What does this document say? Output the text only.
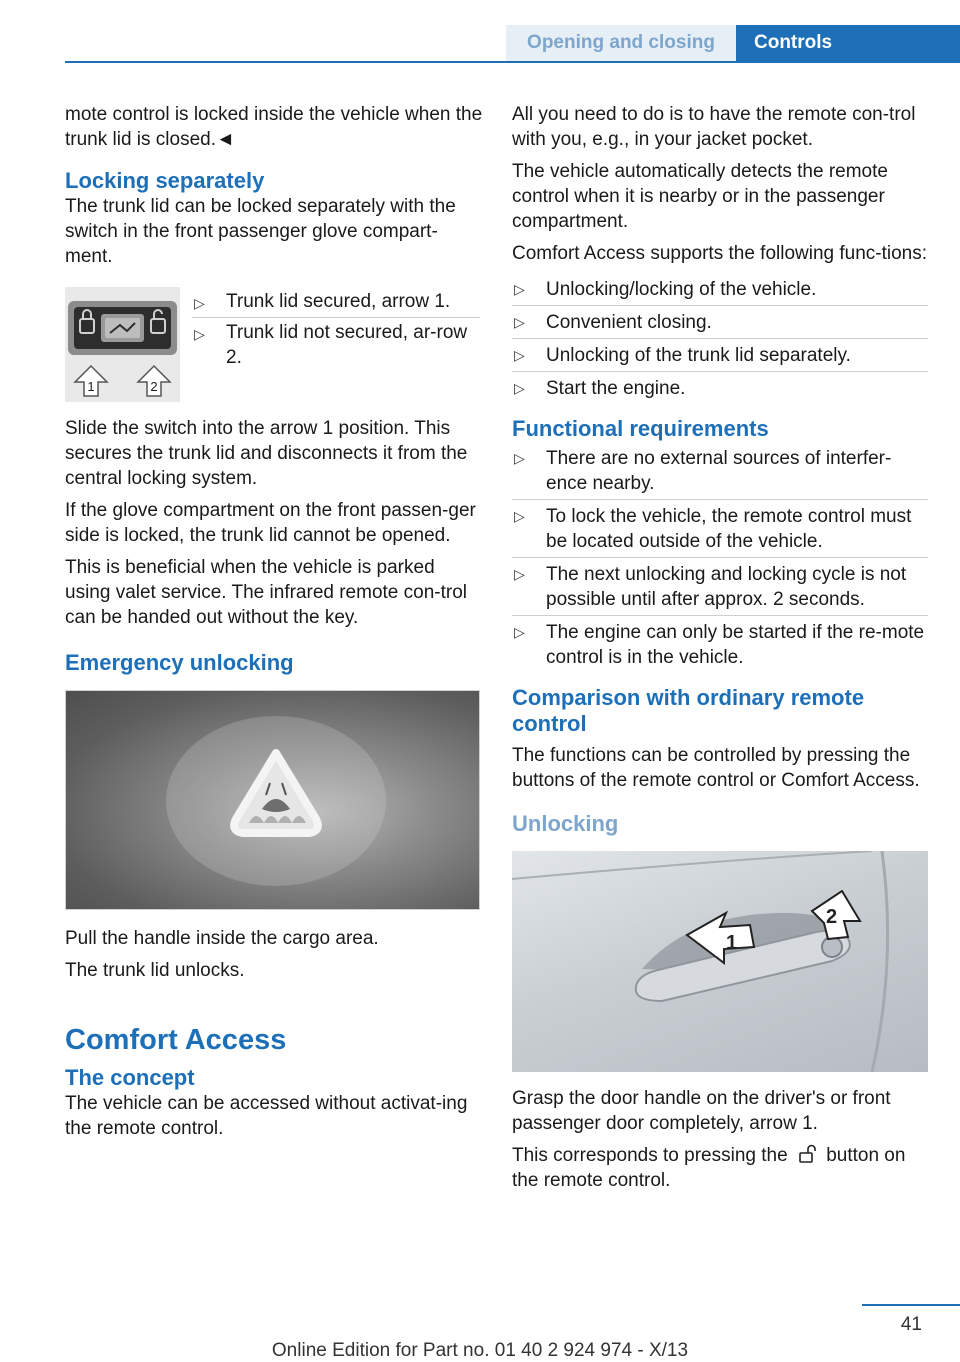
Opening and closing	Controls

mote control is locked inside the vehicle when the trunk lid is closed.◄

Locking separately

The trunk lid can be locked separately with the switch in the front passenger glove compart-ment.

1	2
▷ Trunk lid secured, arrow 1.
▷ Trunk lid not secured, ar-row 2.

Slide the switch into the arrow 1 position. This secures the trunk lid and disconnects it from the central locking system.

If the glove compartment on the front passen-ger side is locked, the trunk lid cannot be opened.

This is beneficial when the vehicle is parked using valet service. The infrared remote con-trol can be handed out without the key.

Emergency unlocking

Pull the handle inside the cargo area.

The trunk lid unlocks.

Comfort Access
The concept

The vehicle can be accessed without activat-ing the remote control.

All you need to do is to have the remote con-trol with you, e.g., in your jacket pocket.

The vehicle automatically detects the remote control when it is nearby or in the passenger compartment.

Comfort Access supports the following func-tions:

▷ Unlocking/locking of the vehicle.
▷ Convenient closing.
▷ Unlocking of the trunk lid separately.
▷ Start the engine.
Functional requirements
▷ There are no external sources of interfer-ence nearby.
▷ To lock the vehicle, the remote control must be located outside of the vehicle.
▷ The next unlocking and locking cycle is not possible until after approx. 2 seconds.
▷ The engine can only be started if the re-mote control is in the vehicle.
Comparison with ordinary remote control

The functions can be controlled by pressing the buttons of the remote control or Comfort Access.

Unlocking
1
2

Grasp the door handle on the driver's or front passenger door completely, arrow 1.

This corresponds to pressing the button on the remote control.

41
Online Edition for Part no. 01 40 2 924 974 - X/13
